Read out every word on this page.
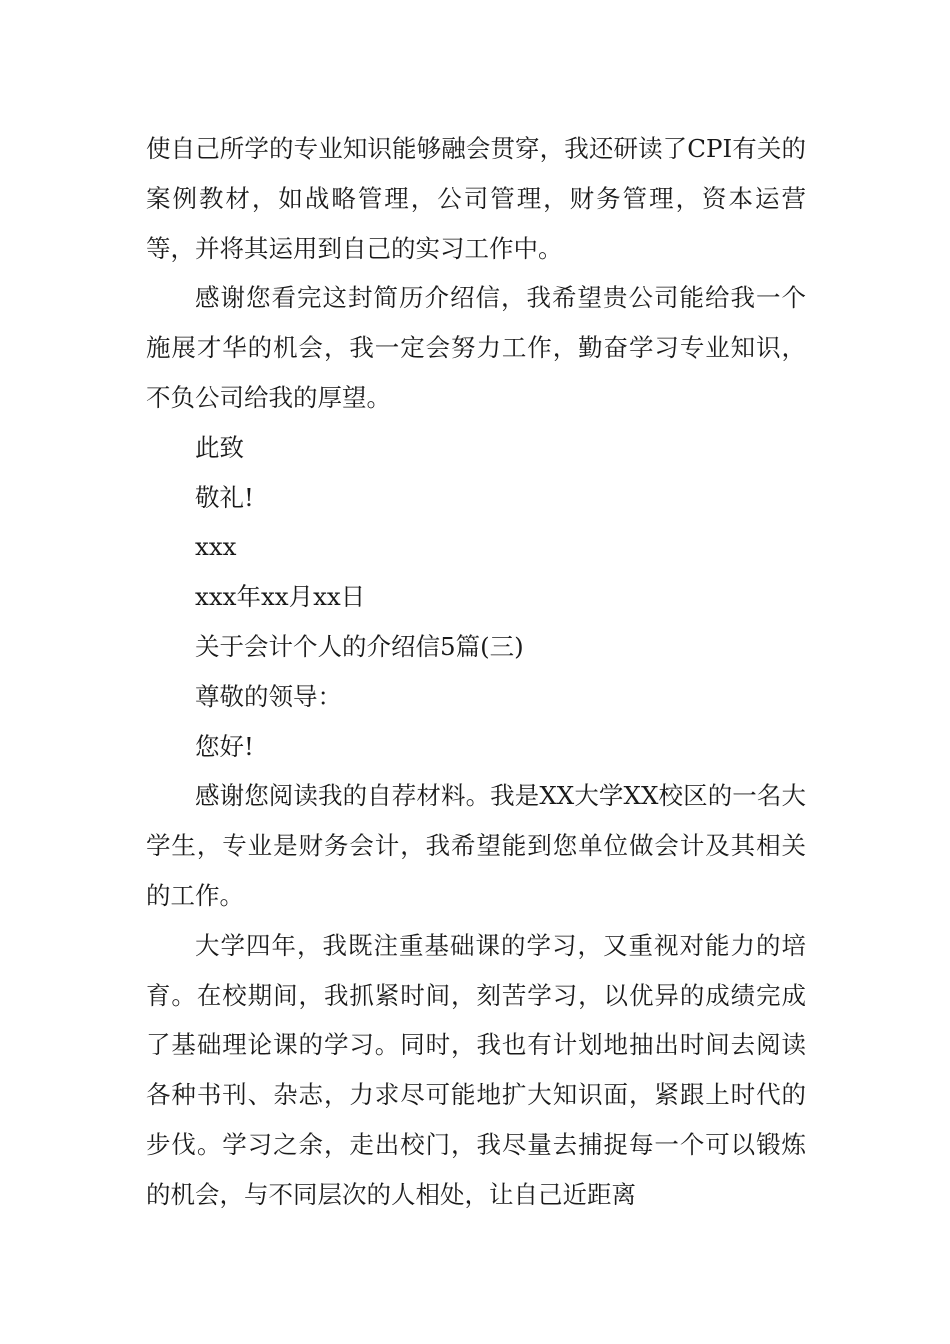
使自己所学的专业知识能够融会贯穿，我还研读了CPI有关的案例教材，如战略管理，公司管理，财务管理，资本运营等，并将其运用到自己的实习工作中。

感谢您看完这封简历介绍信，我希望贵公司能给我一个施展才华的机会，我一定会努力工作，勤奋学习专业知识，不负公司给我的厚望。

此致

敬礼!

xxx

xxx年xx月xx日

关于会计个人的介绍信5篇(三)

尊敬的领导：

您好!

感谢您阅读我的自荐材料。我是XX大学XX校区的一名大学生，专业是财务会计，我希望能到您单位做会计及其相关的工作。

大学四年，我既注重基础课的学习，又重视对能力的培育。在校期间，我抓紧时间，刻苦学习，以优异的成绩完成了基础理论课的学习。同时，我也有计划地抽出时间去阅读各种书刊、杂志，力求尽可能地扩大知识面，紧跟上时代的步伐。学习之余，走出校门，我尽量去捕捉每一个可以锻炼的机会，与不同层次的人相处，让自己近距离
